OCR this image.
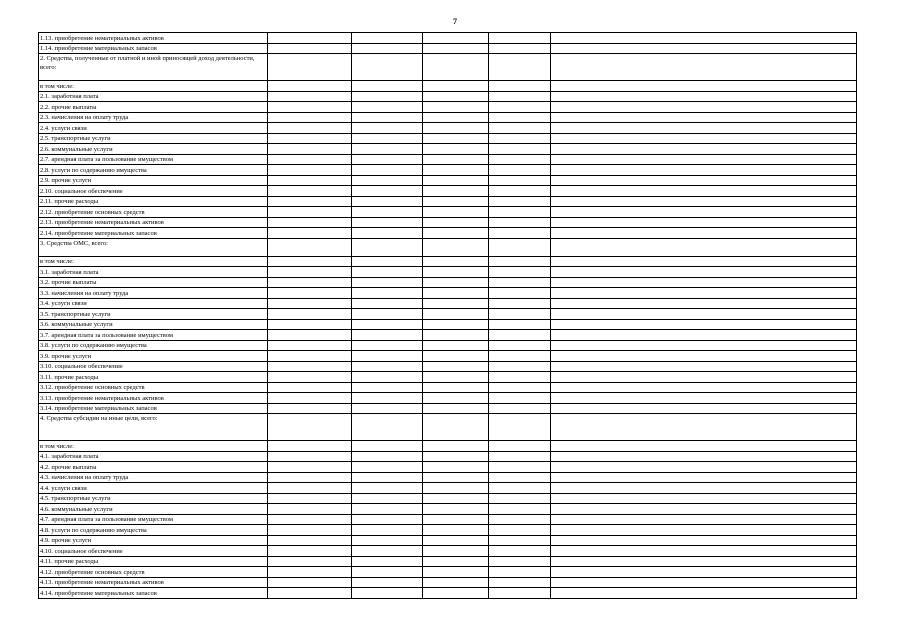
7
1.13. приобретение нематериальных активов					
1.14. приобретение материальных запасов					
2. Средства, полученные от платной и иной приносящей доход деятельности, всего:					
в том числе:					
2.1. заработная плата					
2.2. прочие выплаты					
2.3. начисления на оплату труда					
2.4. услуги связи					
2.5. транспортные услуги					
2.6. коммунальные услуги					
2.7. арендная плата за пользование имуществом					
2.8. услуги по содержанию имущества					
2.9. прочие услуги					
2.10. социальное обеспечение					
2.11. прочие расходы					
2.12. приобретение основных средств					
2.13. приобретение нематериальных активов					
2.14. приобретение материальных запасов					
3. Средства ОМС, всего:					
в том числе:					
3.1. заработная плата					
3.2. прочие выплаты					
3.3. начисления на оплату труда					
3.4. услуги связи					
3.5. транспортные услуги					
3.6. коммунальные услуги					
3.7. арендная плата за пользование имуществом					
3.8. услуги по содержанию имущества					
3.9. прочие услуги					
3.10. социальное обеспечение					
3.11. прочие расходы					
3.12. приобретение основных средств					
3.13. приобретение нематериальных активов					
3.14. приобретение материальных запасов					
4. Средства субсидии на иные цели, всего:					
в том числе:					
4.1. заработная плата					
4.2. прочие выплаты					
4.3. начисления на оплату труда					
4.4. услуги связи					
4.5. транспортные услуги					
4.6. коммунальные услуги					
4.7. арендная плата за пользование имуществом					
4.8. услуги по содержанию имущества					
4.9. прочие услуги					
4.10. социальное обеспечение					
4.11. прочие расходы					
4.12. приобретение основных средств					
4.13. приобретение нематериальных активов					
4.14. приобретение материальных запасов					
